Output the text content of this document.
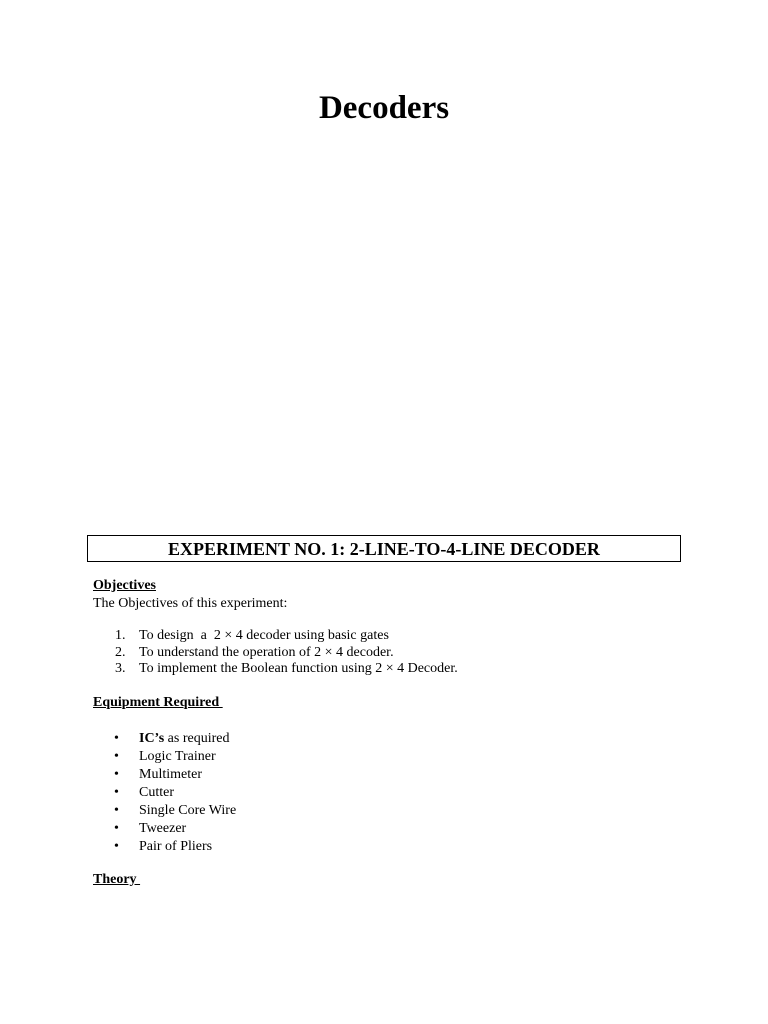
Decoders
EXPERIMENT NO. 1: 2-LINE-TO-4-LINE DECODER
Objectives
The Objectives of this experiment:
1. To design  a  2 × 4 decoder using basic gates
2. To understand the operation of 2 × 4 decoder.
3. To implement the Boolean function using 2 × 4 Decoder.
Equipment Required
• IC’s as required
• Logic Trainer
• Multimeter
• Cutter
• Single Core Wire
• Tweezer
• Pair of Pliers
Theory
